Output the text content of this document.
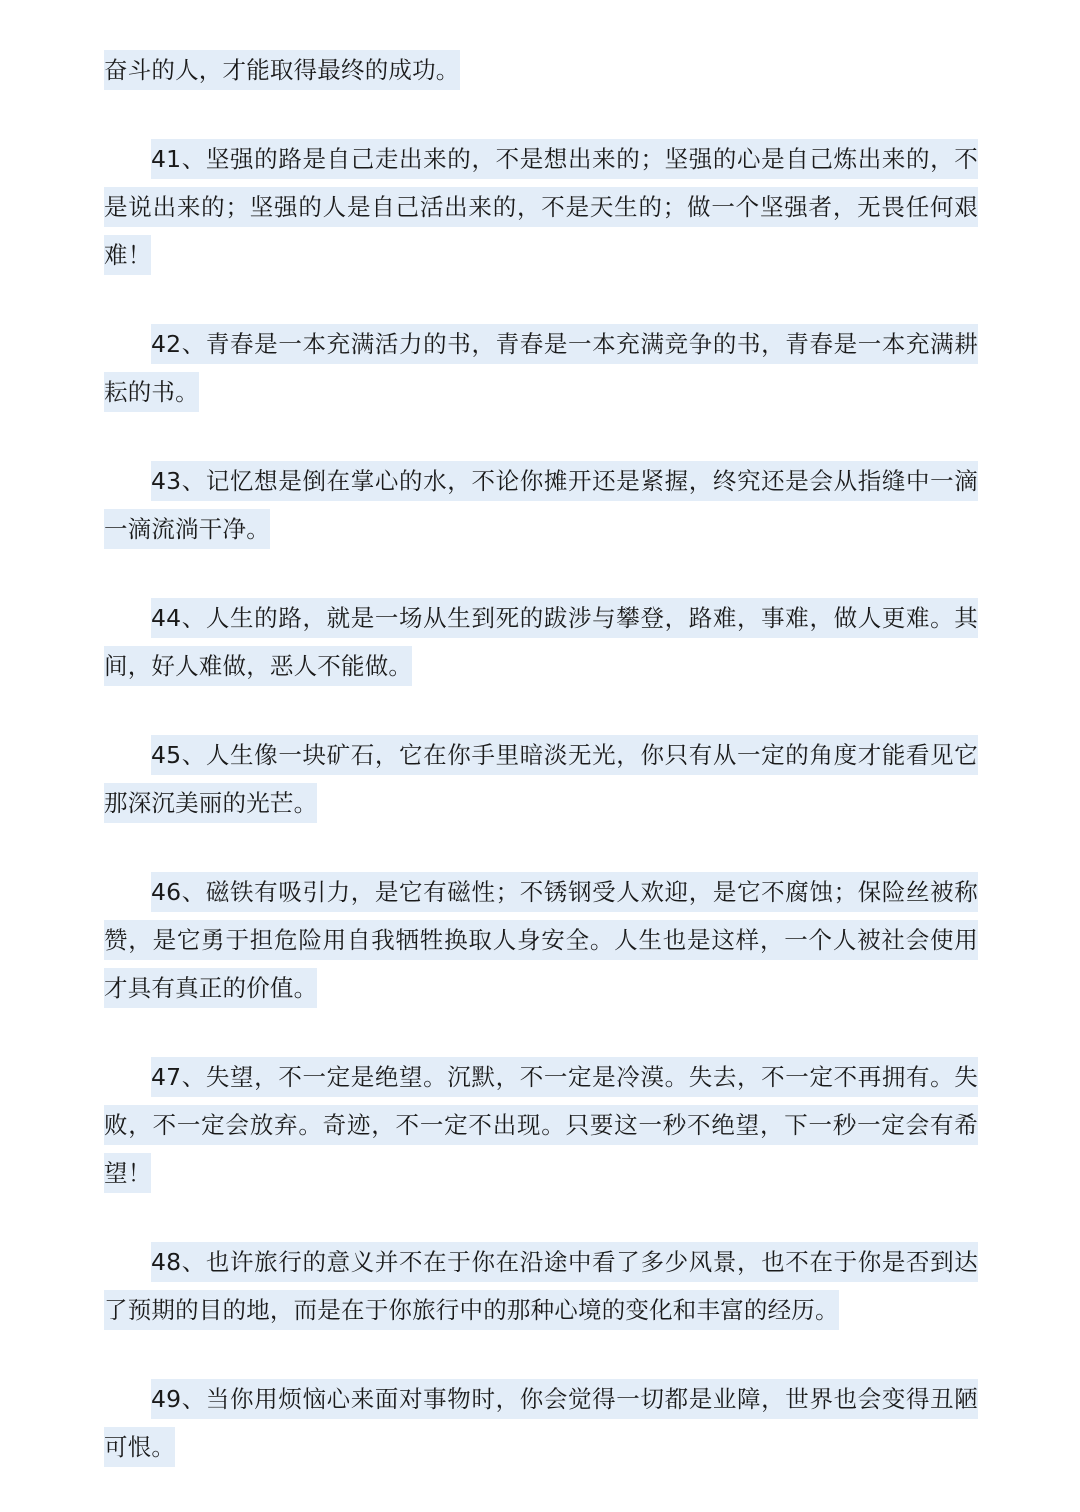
奋斗的人，才能取得最终的成功。

41、坚强的路是自己走出来的，不是想出来的；坚强的心是自己炼出来的，不是说出来的；坚强的人是自己活出来的，不是天生的；做一个坚强者，无畏任何艰难！

42、青春是一本充满活力的书，青春是一本充满竞争的书，青春是一本充满耕耘的书。

43、记忆想是倒在掌心的水，不论你摊开还是紧握，终究还是会从指缝中一滴一滴流淌干净。

44、人生的路，就是一场从生到死的跋涉与攀登，路难，事难，做人更难。其间，好人难做，恶人不能做。

45、人生像一块矿石，它在你手里暗淡无光，你只有从一定的角度才能看见它那深沉美丽的光芒。

46、磁铁有吸引力，是它有磁性；不锈钢受人欢迎，是它不腐蚀；保险丝被称赞，是它勇于担危险用自我牺牲换取人身安全。人生也是这样，一个人被社会使用才具有真正的价值。

47、失望，不一定是绝望。沉默，不一定是冷漠。失去，不一定不再拥有。失败，不一定会放弃。奇迹，不一定不出现。只要这一秒不绝望，下一秒一定会有希望！

48、也许旅行的意义并不在于你在沿途中看了多少风景，也不在于你是否到达了预期的目的地，而是在于你旅行中的那种心境的变化和丰富的经历。

49、当你用烦恼心来面对事物时，你会觉得一切都是业障，世界也会变得丑陋可恨。
